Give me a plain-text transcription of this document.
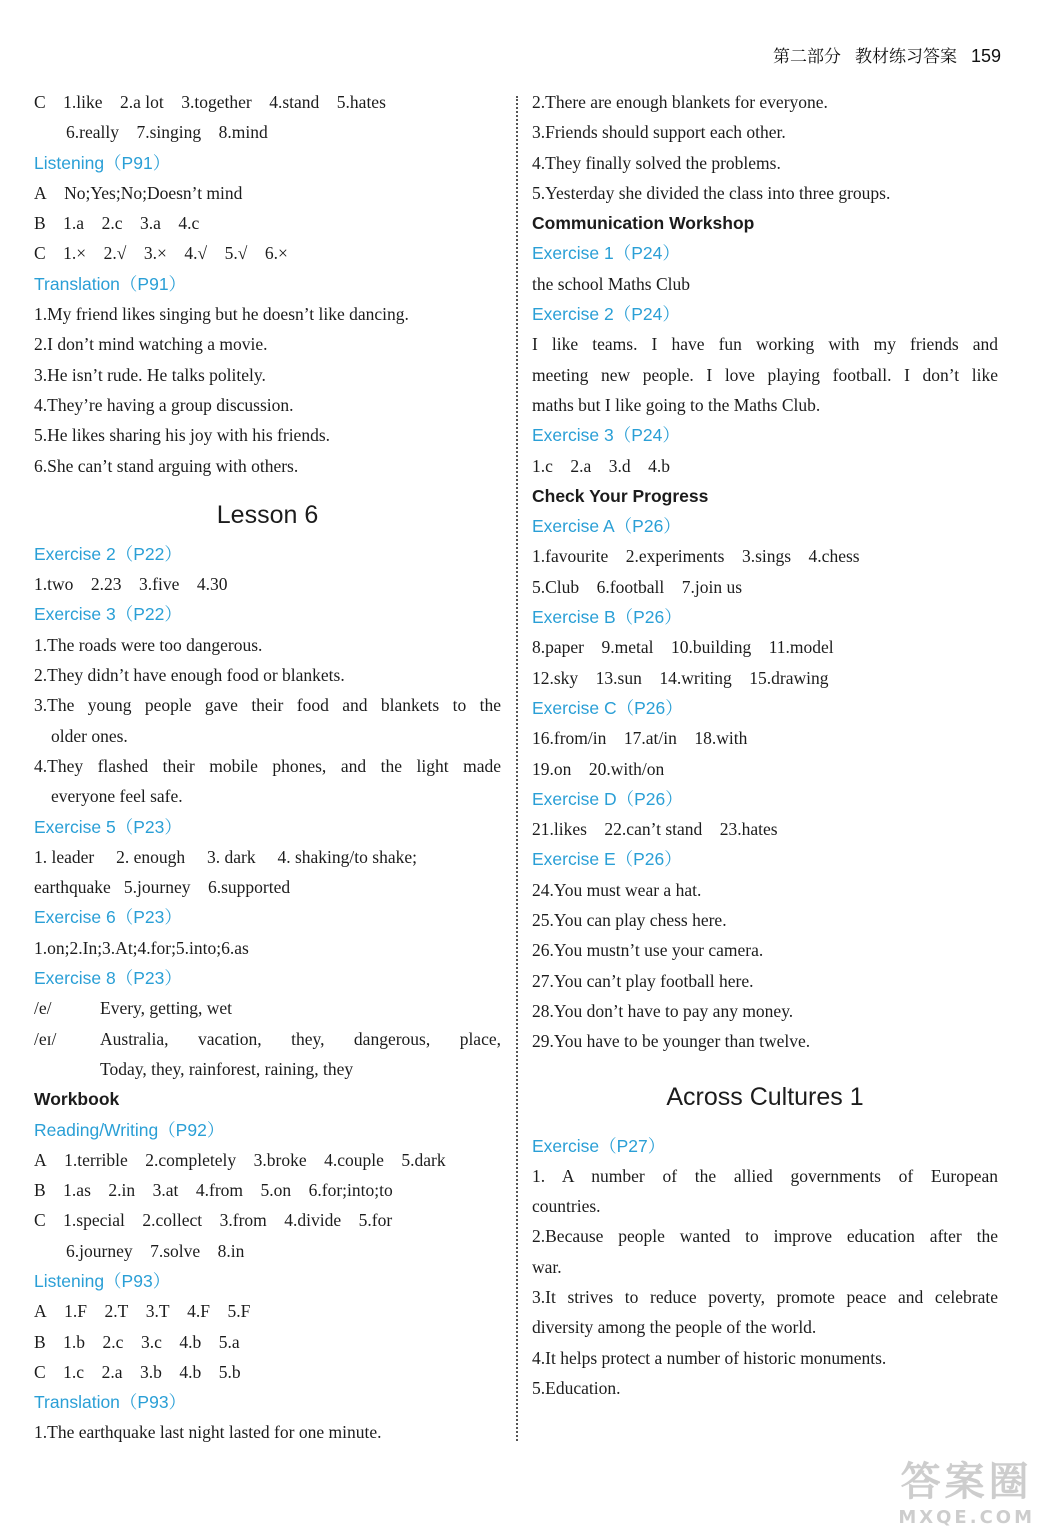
第二部分 教材练习答案 159
C    1.like    2.a lot    3.together    4.stand    5.hates
6.really    7.singing    8.mind
Listening（P91）
A    No;Yes;No;Doesn’t mind
B    1.a    2.c    3.a    4.c
C    1.×    2.√    3.×    4.√    5.√    6.×
Translation（P91）
1.My friend likes singing but he doesn’t like dancing.
2.I don’t mind watching a movie.
3.He isn’t rude. He talks politely.
4.They’re having a group discussion.
5.He likes sharing his joy with his friends.
6.She can’t stand arguing with others.
Lesson 6
Exercise 2（P22）
1.two    2.23    3.five    4.30
Exercise 3（P22）
1.The roads were too dangerous.
2.They didn’t have enough food or blankets.
3.The young people gave their food and blankets to the
older ones.
4.They flashed their mobile phones, and the light made
everyone feel safe.
Exercise 5（P23）
1. leader     2. enough     3. dark     4. shaking/to shake;
earthquake   5.journey    6.supported
Exercise 6（P23）
1.on;2.In;3.At;4.for;5.into;6.as
Exercise 8（P23）
/e/	Every, getting, wet
/eɪ/	Australia, vacation, they, dangerous, place,
Today, they, rainforest, raining, they
Workbook
Reading/Writing（P92）
A    1.terrible    2.completely    3.broke    4.couple    5.dark
B    1.as    2.in    3.at    4.from    5.on    6.for;into;to
C    1.special    2.collect    3.from    4.divide    5.for
6.journey    7.solve    8.in
Listening（P93）
A    1.F    2.T    3.T    4.F    5.F
B    1.b    2.c    3.c    4.b    5.a
C    1.c    2.a    3.b    4.b    5.b
Translation（P93）
1.The earthquake last night lasted for one minute.
2.There are enough blankets for everyone.
3.Friends should support each other.
4.They finally solved the problems.
5.Yesterday she divided the class into three groups.
Communication Workshop
Exercise 1（P24）
the school Maths Club
Exercise 2（P24）
I like teams. I have fun working with my friends and
meeting new people. I love playing football. I don’t like
maths but I like going to the Maths Club.
Exercise 3（P24）
1.c    2.a    3.d    4.b
Check Your Progress
Exercise A（P26）
1.favourite    2.experiments    3.sings    4.chess
5.Club    6.football    7.join us
Exercise B（P26）
8.paper    9.metal    10.building    11.model
12.sky    13.sun    14.writing    15.drawing
Exercise C（P26）
16.from/in    17.at/in    18.with
19.on    20.with/on
Exercise D（P26）
21.likes    22.can’t stand    23.hates
Exercise E（P26）
24.You must wear a hat.
25.You can play chess here.
26.You mustn’t use your camera.
27.You can’t play football here.
28.You don’t have to pay any money.
29.You have to be younger than twelve.
Across Cultures 1
Exercise（P27）
1. A number of the allied governments of European
countries.
2.Because people wanted to improve education after the
war.
3.It strives to reduce poverty, promote peace and celebrate
diversity among the people of the world.
4.It helps protect a number of historic monuments.
5.Education.
答案圈
MXQE.COM
